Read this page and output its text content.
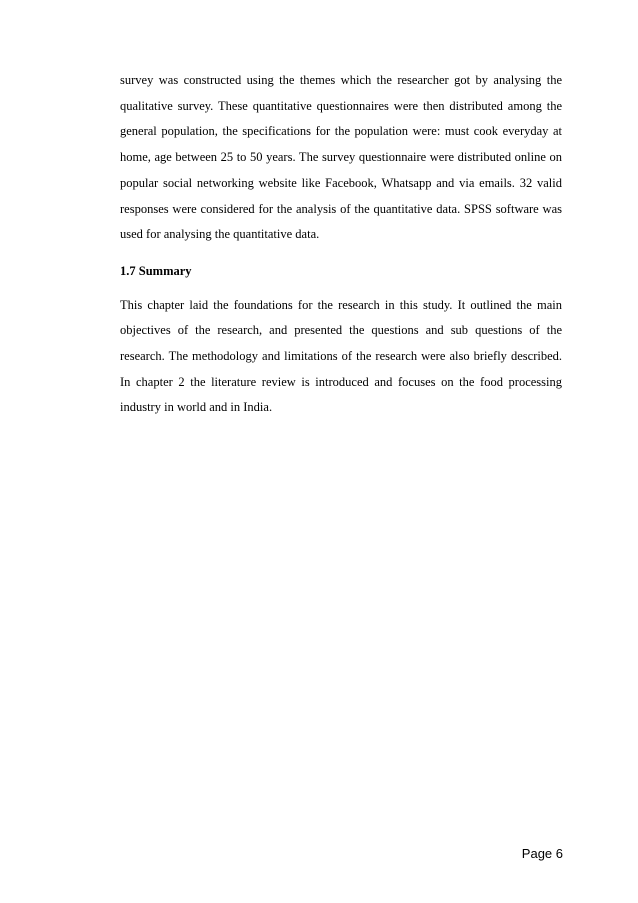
survey was constructed using the themes which the researcher got by analysing the qualitative survey. These quantitative questionnaires were then distributed among the general population, the specifications for the population were: must cook everyday at home, age between 25 to 50 years. The survey questionnaire were distributed online on popular social networking website like Facebook, Whatsapp and via emails. 32 valid responses were considered for the analysis of the quantitative data. SPSS software was used for analysing the quantitative data.

1.7 Summary

This chapter laid the foundations for the research in this study. It outlined the main objectives of the research, and presented the questions and sub questions of the research. The methodology and limitations of the research were also briefly described. In chapter 2 the literature review is introduced and focuses on the food processing industry in world and in India.

Page 6
